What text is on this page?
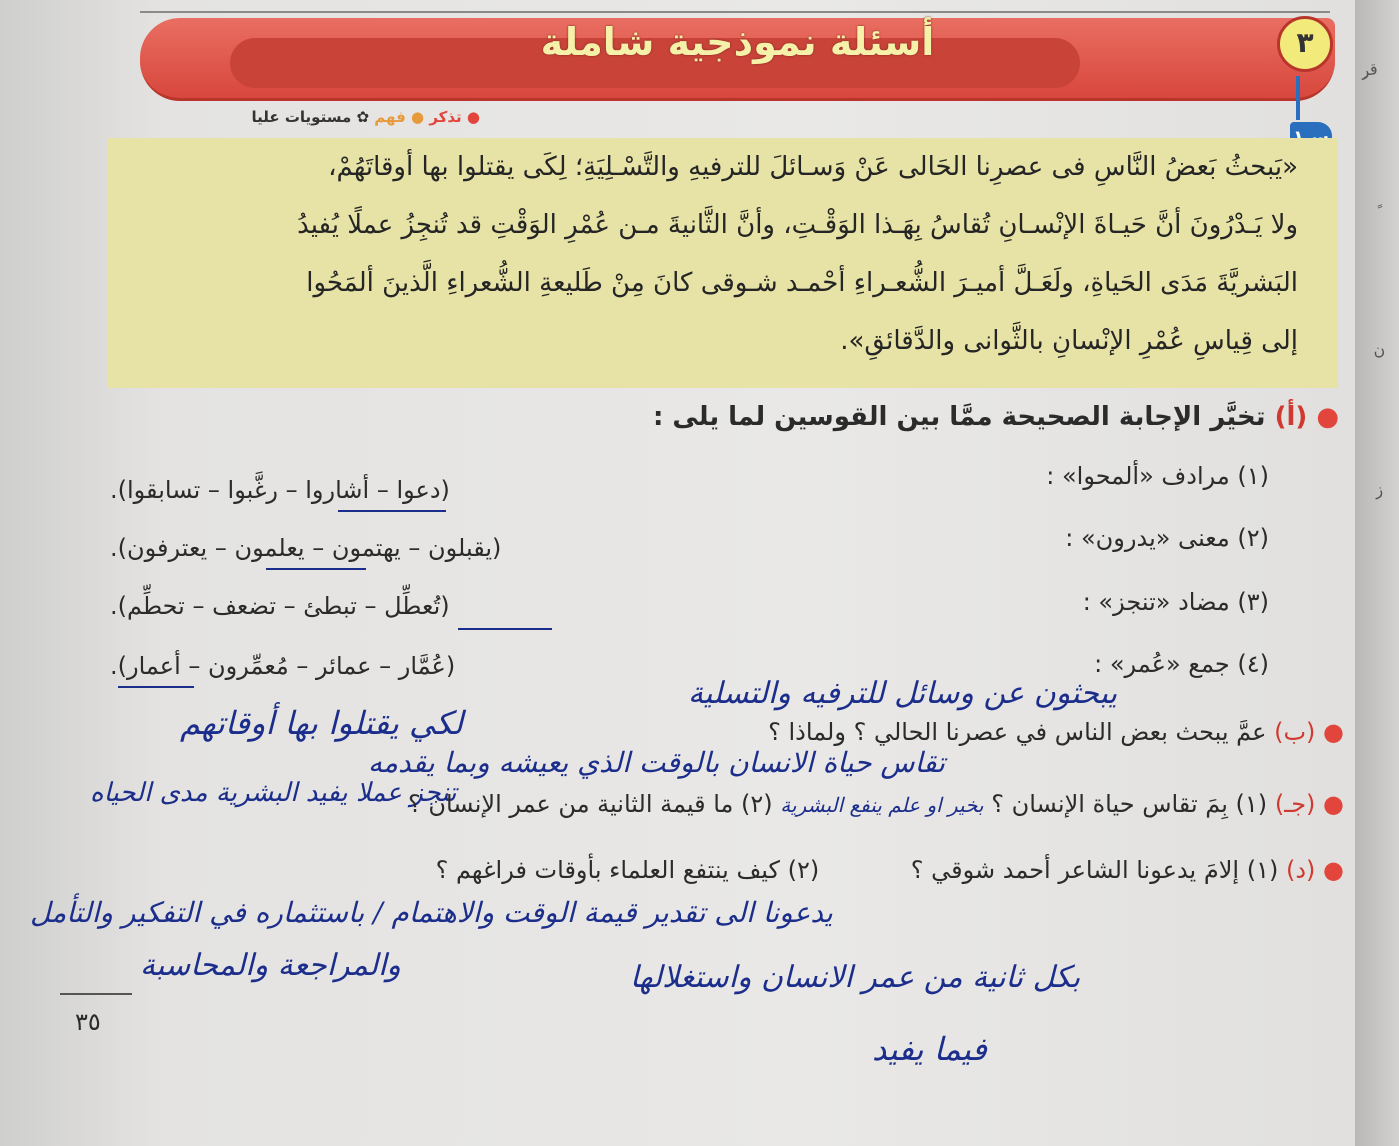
ِقر
ٍ
ن
ز
أسئلة نموذجية شاملة	٣
● تذكر ● فهم ✿ مستويات عليا
«يَبحثُ بَعضُ النَّاسِ فى عصرِنا الحَالى عَنْ وَسـائلَ للترفيهِ والتَّسْـلِيَةِ؛ لِكَى يقتلوا بها أوقاتَهُمْ،
ولا يَـدْرُونَ أنَّ حَيـاةَ الإنْسـانِ تُقاسُ بِهَـذا الوَقْـتِ، وأنَّ الثَّانيةَ مـن عُمْرِ الوَقْتِ قد تُنجِزُ عملًا يُفيدُ
البَشريَّةَ مَدَى الحَياةِ، ولَعَـلَّ أميـرَ الشُّعـراءِ أحْمـد شـوقى كانَ مِنْ طَليعةِ الشُّعراءِ الَّذينَ ألمَحُوا
إلى قِياسِ عُمْرِ الإنْسانِ بالثَّوانى والدَّقائقِ».
● (أ) تخيَّر الإجابة الصحيحة ممَّا بين القوسين لما يلى :
(١) مرادف «ألمحوا» :
(دعوا – أشاروا – رغَّبوا – تسابقوا).
(٢) معنى «يدرون» :
(يقبلون – يهتمون – يعلمون – يعترفون).
(٣) مضاد «تنجز» :
(تُعطِّل – تبطئ – تضعف – تحطِّم).
(٤) جمع «عُمر» :
(عُمَّار – عمائر – مُعمِّرون – أعمار).
يبحثون عن وسائل للترفيه والتسلية
● (ب) عمَّ يبحث بعض الناس في عصرنا الحالي ؟ ولماذا ؟
لكي يقتلوا بها أوقاتهم
تقاس حياة الانسان بالوقت الذي يعيشه وبما يقدمه
تنجز عملا يفيد البشرية مدى الحياه	● (جـ) (١) بِمَ تقاس حياة الإنسان ؟ بخير او علم ينفع البشرية (٢) ما قيمة الثانية من عمر الإنسان ؟
● (د) (١) إلامَ يدعونا الشاعر أحمد شوقي ؟            (٢) كيف ينتفع العلماء بأوقات فراغهم ؟
يدعونا الى تقدير قيمة الوقت والاهتمام / باستثماره في التفكير والتأمل
والمراجعة والمحاسبة	بكل ثانية من عمر الانسان واستغلالها
فيما يفيد
٣٥
